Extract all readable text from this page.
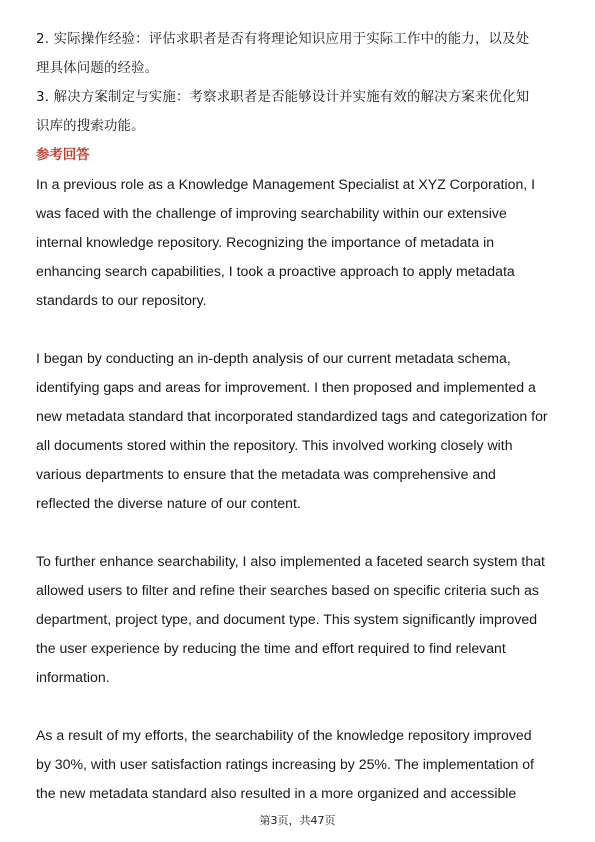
2. 实际操作经验：评估求职者是否有将理论知识应用于实际工作中的能力，以及处

理具体问题的经验。

3. 解决方案制定与实施：考察求职者是否能够设计并实施有效的解决方案来优化知

识库的搜索功能。

参考回答

In a previous role as a Knowledge Management Specialist at XYZ Corporation, I

was faced with the challenge of improving searchability within our extensive

internal knowledge repository. Recognizing the importance of metadata in

enhancing search capabilities, I took a proactive approach to apply metadata

standards to our repository.

I began by conducting an in-depth analysis of our current metadata schema,

identifying gaps and areas for improvement. I then proposed and implemented a

new metadata standard that incorporated standardized tags and categorization for

all documents stored within the repository. This involved working closely with

various departments to ensure that the metadata was comprehensive and

reflected the diverse nature of our content.

To further enhance searchability, I also implemented a faceted search system that

allowed users to filter and refine their searches based on specific criteria such as

department, project type, and document type. This system significantly improved

the user experience by reducing the time and effort required to find relevant

information.

As a result of my efforts, the searchability of the knowledge repository improved

by 30%, with user satisfaction ratings increasing by 25%. The implementation of

the new metadata standard also resulted in a more organized and accessible

第3页，共47页
